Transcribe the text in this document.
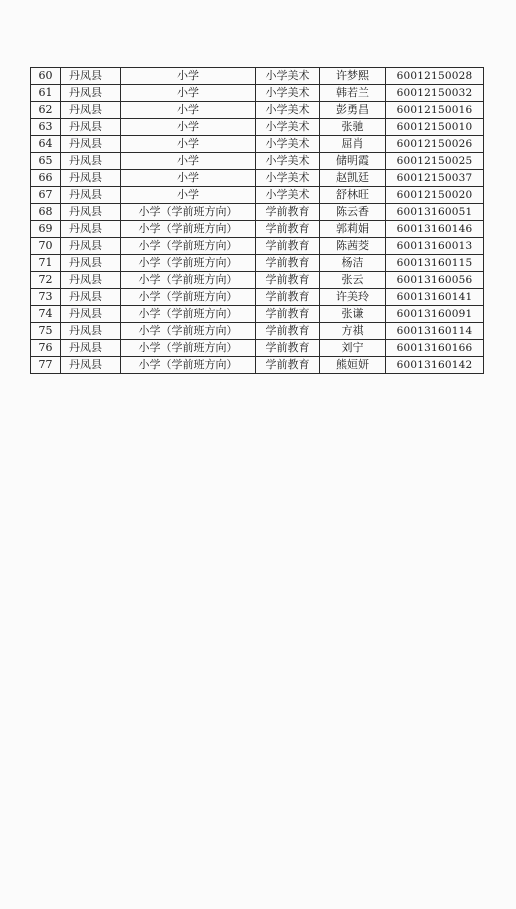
60	丹凤县	小学	小学美术	许梦熙	60012150028
61	丹凤县	小学	小学美术	韩若兰	60012150032
62	丹凤县	小学	小学美术	彭勇昌	60012150016
63	丹凤县	小学	小学美术	张驰	60012150010
64	丹凤县	小学	小学美术	屈肖	60012150026
65	丹凤县	小学	小学美术	储明霞	60012150025
66	丹凤县	小学	小学美术	赵凯廷	60012150037
67	丹凤县	小学	小学美术	舒林旺	60012150020
68	丹凤县	小学（学前班方向）	学前教育	陈云香	60013160051
69	丹凤县	小学（学前班方向）	学前教育	郭莉娟	60013160146
70	丹凤县	小学（学前班方向）	学前教育	陈茜茭	60013160013
71	丹凤县	小学（学前班方向）	学前教育	杨洁	60013160115
72	丹凤县	小学（学前班方向）	学前教育	张云	60013160056
73	丹凤县	小学（学前班方向）	学前教育	许美玲	60013160141
74	丹凤县	小学（学前班方向）	学前教育	张谦	60013160091
75	丹凤县	小学（学前班方向）	学前教育	方祺	60013160114
76	丹凤县	小学（学前班方向）	学前教育	刘宁	60013160166
77	丹凤县	小学（学前班方向）	学前教育	熊姮妍	60013160142
